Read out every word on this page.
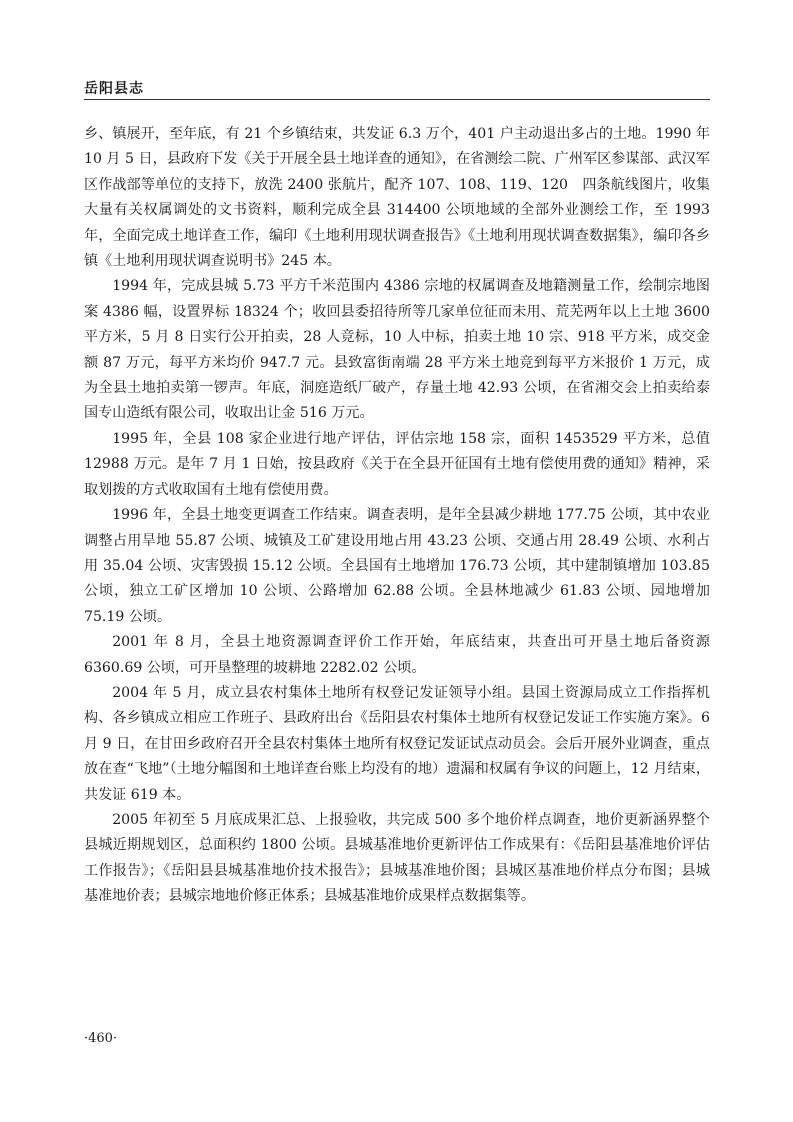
岳阳县志

乡、镇展开，至年底，有 21 个乡镇结束，共发证 6.3 万个，401 户主动退出多占的土地。1990 年 10 月 5 日，县政府下发《关于开展全县土地详查的通知》，在省测绘二院、广州军区参谋部、武汉军区作战部等单位的支持下，放洗 2400 张航片，配齐 107、108、119、120　四条航线图片，收集大量有关权属调处的文书资料，顺利完成全县 314400 公顷地域的全部外业测绘工作，至 1993 年，全面完成土地详查工作，编印《土地利用现状调查报告》《土地利用现状调查数据集》，编印各乡镇《土地利用现状调查说明书》245 本。

1994 年，完成县城 5.73 平方千米范围内 4386 宗地的权属调查及地籍测量工作，绘制宗地图案 4386 幅，设置界标 18324 个；收回县委招待所等几家单位征而未用、荒芜两年以上土地 3600 平方米，5 月 8 日实行公开拍卖，28 人竞标，10 人中标，拍卖土地 10 宗、918 平方米，成交金额 87 万元，每平方米均价 947.7 元。县致富街南端 28 平方米土地竞到每平方米报价 1 万元，成为全县土地拍卖第一锣声。年底，洞庭造纸厂破产，存量土地 42.93 公顷，在省湘交会上拍卖给泰国专山造纸有限公司，收取出让金 516 万元。

1995 年，全县 108 家企业进行地产评估，评估宗地 158 宗，面积 1453529 平方米，总值 12988 万元。是年 7 月 1 日始，按县政府《关于在全县开征国有土地有偿使用费的通知》精神，采取划拨的方式收取国有土地有偿使用费。

1996 年，全县土地变更调查工作结束。调查表明，是年全县减少耕地 177.75 公顷，其中农业调整占用旱地 55.87 公顷、城镇及工矿建设用地占用 43.23 公顷、交通占用 28.49 公顷、水利占用 35.04 公顷、灾害毁损 15.12 公顷。全县国有土地增加 176.73 公顷，其中建制镇增加 103.85 公顷，独立工矿区增加 10 公顷、公路增加 62.88 公顷。全县林地减少 61.83 公顷、园地增加 75.19 公顷。

2001 年 8 月，全县土地资源调查评价工作开始，年底结束，共查出可开垦土地后备资源 6360.69 公顷，可开垦整理的坡耕地 2282.02 公顷。

2004 年 5 月，成立县农村集体土地所有权登记发证领导小组。县国土资源局成立工作指挥机构、各乡镇成立相应工作班子、县政府出台《岳阳县农村集体土地所有权登记发证工作实施方案》。6 月 9 日，在甘田乡政府召开全县农村集体土地所有权登记发证试点动员会。会后开展外业调查，重点放在查“飞地”（土地分幅图和土地详查台账上均没有的地）遗漏和权属有争议的问题上，12 月结束，共发证 619 本。

2005 年初至 5 月底成果汇总、上报验收，共完成 500 多个地价样点调查，地价更新涵界整个县城近期规划区，总面积约 1800 公顷。县城基准地价更新评估工作成果有：《岳阳县基准地价评估工作报告》；《岳阳县县城基准地价技术报告》；县城基准地价图；县城区基准地价样点分布图；县城基准地价表；县城宗地地价修正体系；县城基准地价成果样点数据集等。

·460·
